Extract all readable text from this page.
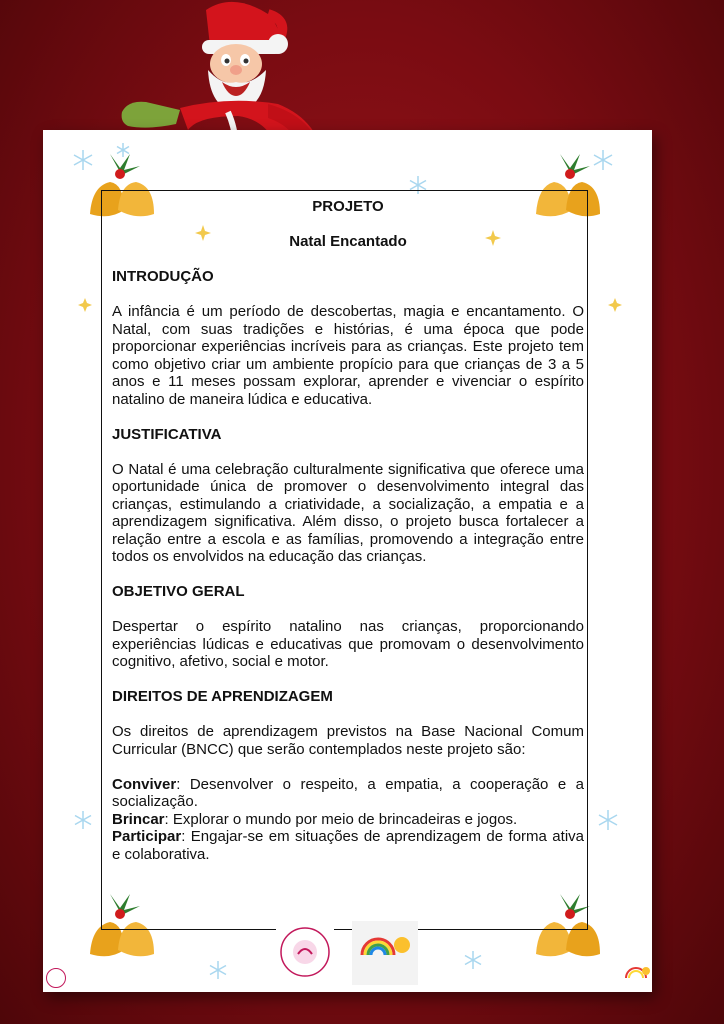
PROJETO
Natal Encantado
INTRODUÇÃO

A infância é um período de descobertas, magia e encantamento. O Natal, com suas tradições e histórias, é uma época que pode proporcionar experiências incríveis para as crianças. Este projeto tem como objetivo criar um ambiente propício para que crianças de 3 a 5 anos e 11 meses possam explorar, aprender e vivenciar o espírito natalino de maneira lúdica e educativa.

JUSTIFICATIVA

O Natal é uma celebração culturalmente significativa que oferece uma oportunidade única de promover o desenvolvimento integral das crianças, estimulando a criatividade, a socialização, a empatia e a aprendizagem significativa. Além disso, o projeto busca fortalecer a relação entre a escola e as famílias, promovendo a integração entre todos os envolvidos na educação das crianças.

OBJETIVO GERAL

Despertar o espírito natalino nas crianças, proporcionando experiências lúdicas e educativas que promovam o desenvolvimento cognitivo, afetivo, social e motor.

DIREITOS DE APRENDIZAGEM

Os direitos de aprendizagem previstos na Base Nacional Comum Curricular (BNCC) que serão contemplados neste projeto são:

Conviver: Desenvolver o respeito, a empatia, a cooperação e a socialização.

Brincar: Explorar o mundo por meio de brincadeiras e jogos.

Participar: Engajar-se em situações de aprendizagem de forma ativa e colaborativa.
